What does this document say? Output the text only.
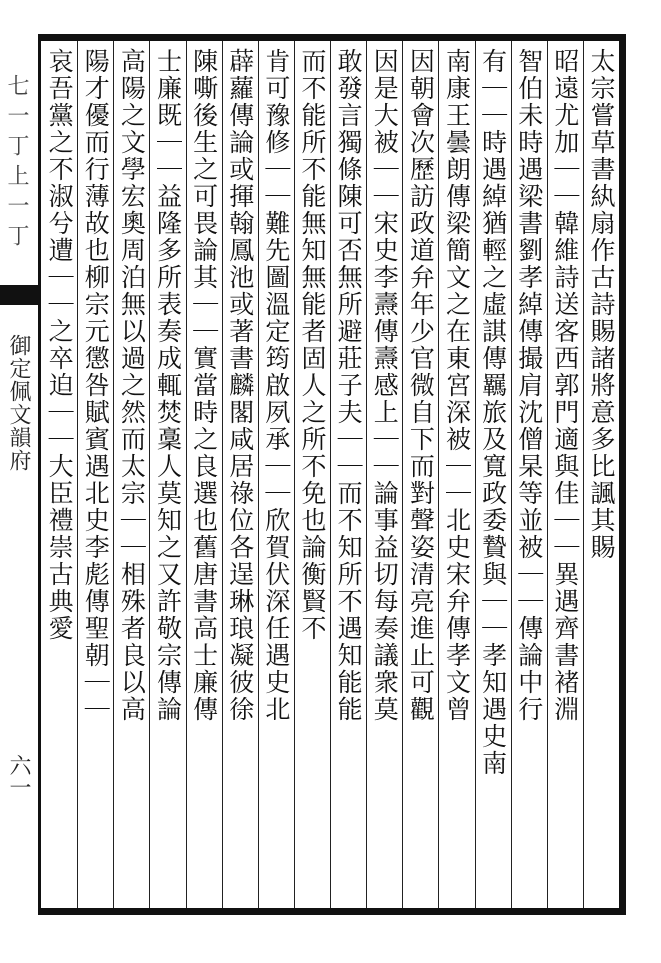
七一丁上一丁
御定佩文韻府
六一
太宗嘗草書紈扇作古詩賜諸將意多比諷其賜
昭遠尤加｜｜韓維詩送客西郭門適與佳｜｜異遇齊書褚淵
智伯未時遇梁書劉孝綽傳撮肩沈僧杲等並被｜｜傳論中行
有｜｜時遇綽猶輕之虛諆傳羈旅及寬政委贄與｜｜孝知遇史南
南康王曇朗傳梁簡文之在東宮深被｜｜北史宋弁傳孝文曾
因朝會次歷訪政道弁年少官微自下而對聲姿清亮進止可觀
因是大被｜｜宋史李燾傳燾感上｜｜論事益切每奏議衆莫
敢發言獨條陳可否無所避莊子夫｜｜而不知所不遇知能能
而不能所不能無知無能者固人之所不免也論衡賢不
肯可豫修｜｜難先圖溫定筠啟夙承｜｜欣賀伏深任遇史北
薜蘿傳論或揮翰鳳池或著書麟閣咸居祿位各逞琳琅凝彼徐
陳嘶後生之可畏論其｜｜實當時之良選也舊唐書高士廉傳
士廉既｜｜益隆多所表奏成輒焚稾人莫知之又許敬宗傳論
高陽之文學宏奧周泊無以過之然而太宗｜｜相殊者良以高
陽才優而行薄故也柳宗元懲咎賦賓遇北史李彪傳聖朝｜｜
哀吾黨之不淑兮遭｜｜之卒迫｜｜大臣禮崇古典愛
